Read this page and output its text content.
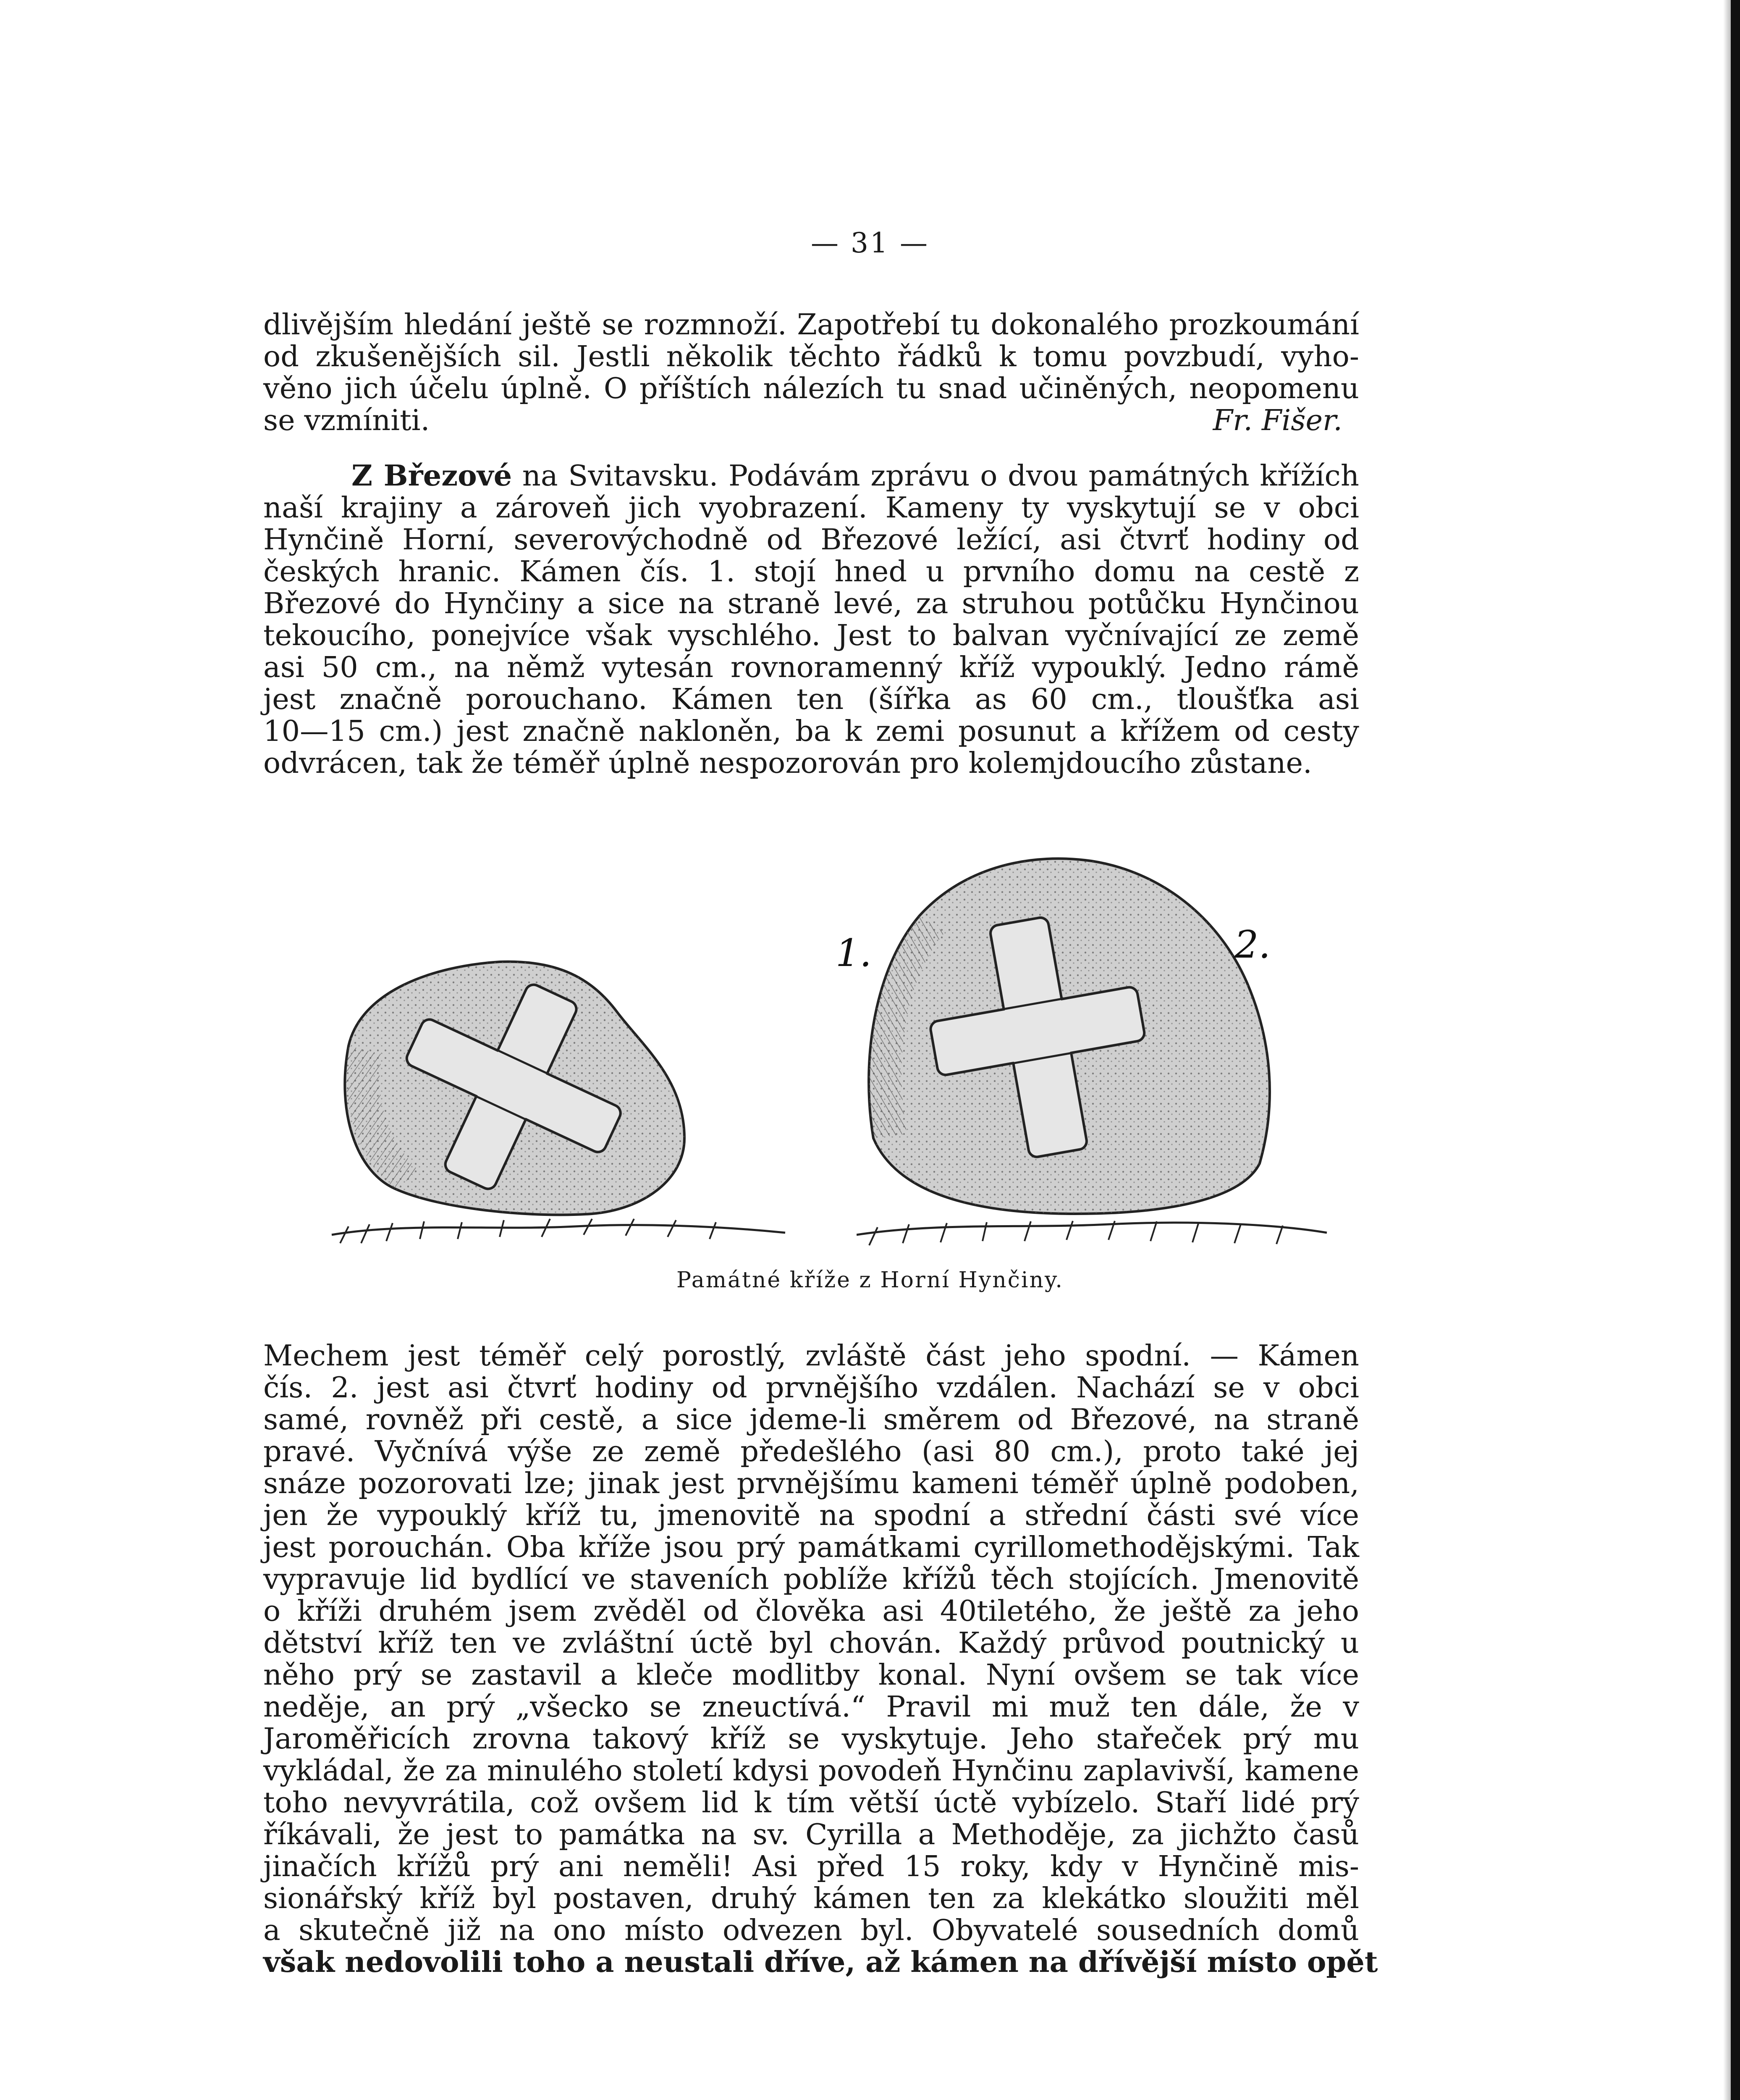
— 31 —
dlivějším hledání ještě se rozmnoží. Zapotřebí tu dokonalého prozkoumání
od zkušenějších sil. Jestli několik těchto řádků k tomu povzbudí, vyho-
věno jich účelu úplně. O příštích nálezích tu snad učiněných, neopomenu
se vzmíniti.	Fr. Fišer.
Z Březové na Svitavsku. Podávám zprávu o dvou památných křížích
naší krajiny a zároveň jich vyobrazení. Kameny ty vyskytují se v obci
Hynčině Horní, severovýchodně od Březové ležící, asi čtvrť hodiny od
českých hranic. Kámen čís. 1. stojí hned u prvního domu na cestě z
Březové do Hynčiny a sice na straně levé, za struhou potůčku Hynčinou
tekoucího, ponejvíce však vyschlého. Jest to balvan vyčnívající ze země
asi 50 cm., na němž vytesán rovnoramenný kříž vypouklý. Jedno rámě
jest značně porouchano. Kámen ten (šířka as 60 cm., tloušťka asi
10—15 cm.) jest značně nakloněn, ba k zemi posunut a křížem od cesty
odvrácen, tak že téměř úplně nespozorován pro kolemjdoucího zůstane.
1.	2.
Památné kříže z Horní Hynčiny.
Mechem jest téměř celý porostlý, zvláště část jeho spodní. — Kámen
čís. 2. jest asi čtvrť hodiny od prvnějšího vzdálen. Nachází se v obci
samé, rovněž při cestě, a sice jdeme-li směrem od Březové, na straně
pravé. Vyčnívá výše ze země předešlého (asi 80 cm.), proto také jej
snáze pozorovati lze; jinak jest prvnějšímu kameni téměř úplně podoben,
jen že vypouklý kříž tu, jmenovitě na spodní a střední části své více
jest porouchán. Oba kříže jsou prý památkami cyrillomethodějskými. Tak
vypravuje lid bydlící ve staveních poblíže křížů těch stojících. Jmenovitě
o kříži druhém jsem zvěděl od člověka asi 40tiletého, že ještě za jeho
dětství kříž ten ve zvláštní úctě byl chován. Každý průvod poutnický u
něho prý se zastavil a kleče modlitby konal. Nyní ovšem se tak více
neděje, an prý „všecko se zneuctívá.“ Pravil mi muž ten dále, že v
Jaroměřicích zrovna takový kříž se vyskytuje. Jeho stařeček prý mu
vykládal, že za minulého století kdysi povodeň Hynčinu zaplavivší, kamene
toho nevyvrátila, což ovšem lid k tím větší úctě vybízelo. Staří lidé prý
říkávali, že jest to památka na sv. Cyrilla a Methoděje, za jichžto časů
jinačích křížů prý ani neměli! Asi před 15 roky, kdy v Hynčině mis-
sionářský kříž byl postaven, druhý kámen ten za klekátko sloužiti měl
a skutečně již na ono místo odvezen byl. Obyvatelé sousedních domů
však nedovolili toho a neustali dříve, až kámen na dřívější místo opět
